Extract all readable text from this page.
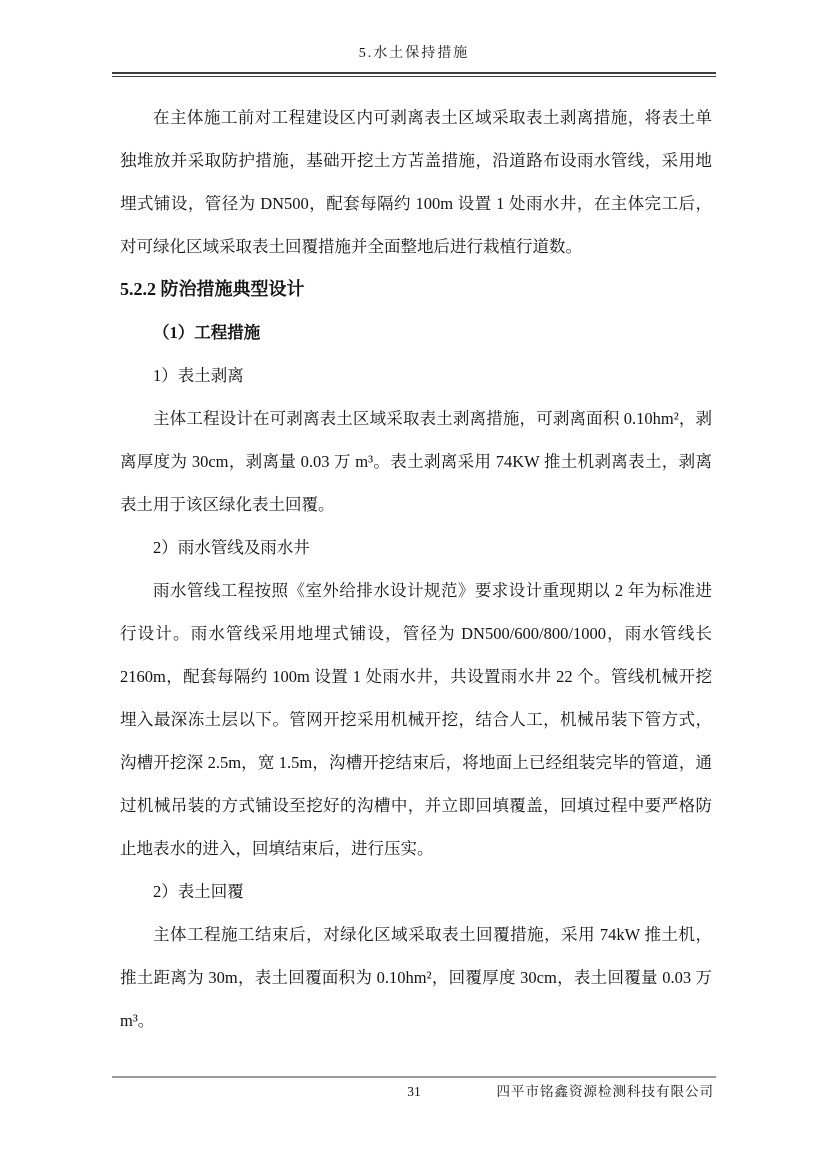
5.水土保持措施

在主体施工前对工程建设区内可剥离表土区域采取表土剥离措施，将表土单独堆放并采取防护措施，基础开挖土方苫盖措施，沿道路布设雨水管线，采用地埋式铺设，管径为 DN500，配套每隔约 100m 设置 1 处雨水井，在主体完工后，对可绿化区域采取表土回覆措施并全面整地后进行栽植行道数。

5.2.2 防治措施典型设计

（1）工程措施

1）表土剥离

主体工程设计在可剥离表土区域采取表土剥离措施，可剥离面积 0.10hm²，剥离厚度为 30cm，剥离量 0.03 万 m³。表土剥离采用 74KW 推土机剥离表土，剥离表土用于该区绿化表土回覆。

2）雨水管线及雨水井

雨水管线工程按照《室外给排水设计规范》要求设计重现期以 2 年为标准进行设计。雨水管线采用地埋式铺设，管径为 DN500/600/800/1000，雨水管线长 2160m，配套每隔约 100m 设置 1 处雨水井，共设置雨水井 22 个。管线机械开挖埋入最深冻土层以下。管网开挖采用机械开挖，结合人工，机械吊装下管方式，沟槽开挖深 2.5m，宽 1.5m，沟槽开挖结束后，将地面上已经组装完毕的管道，通过机械吊装的方式铺设至挖好的沟槽中，并立即回填覆盖，回填过程中要严格防止地表水的进入，回填结束后，进行压实。

2）表土回覆

主体工程施工结束后，对绿化区域采取表土回覆措施，采用 74kW 推土机，推土距离为 30m，表土回覆面积为 0.10hm²，回覆厚度 30cm，表土回覆量 0.03 万 m³。

31	四平市铭鑫资源检测科技有限公司
